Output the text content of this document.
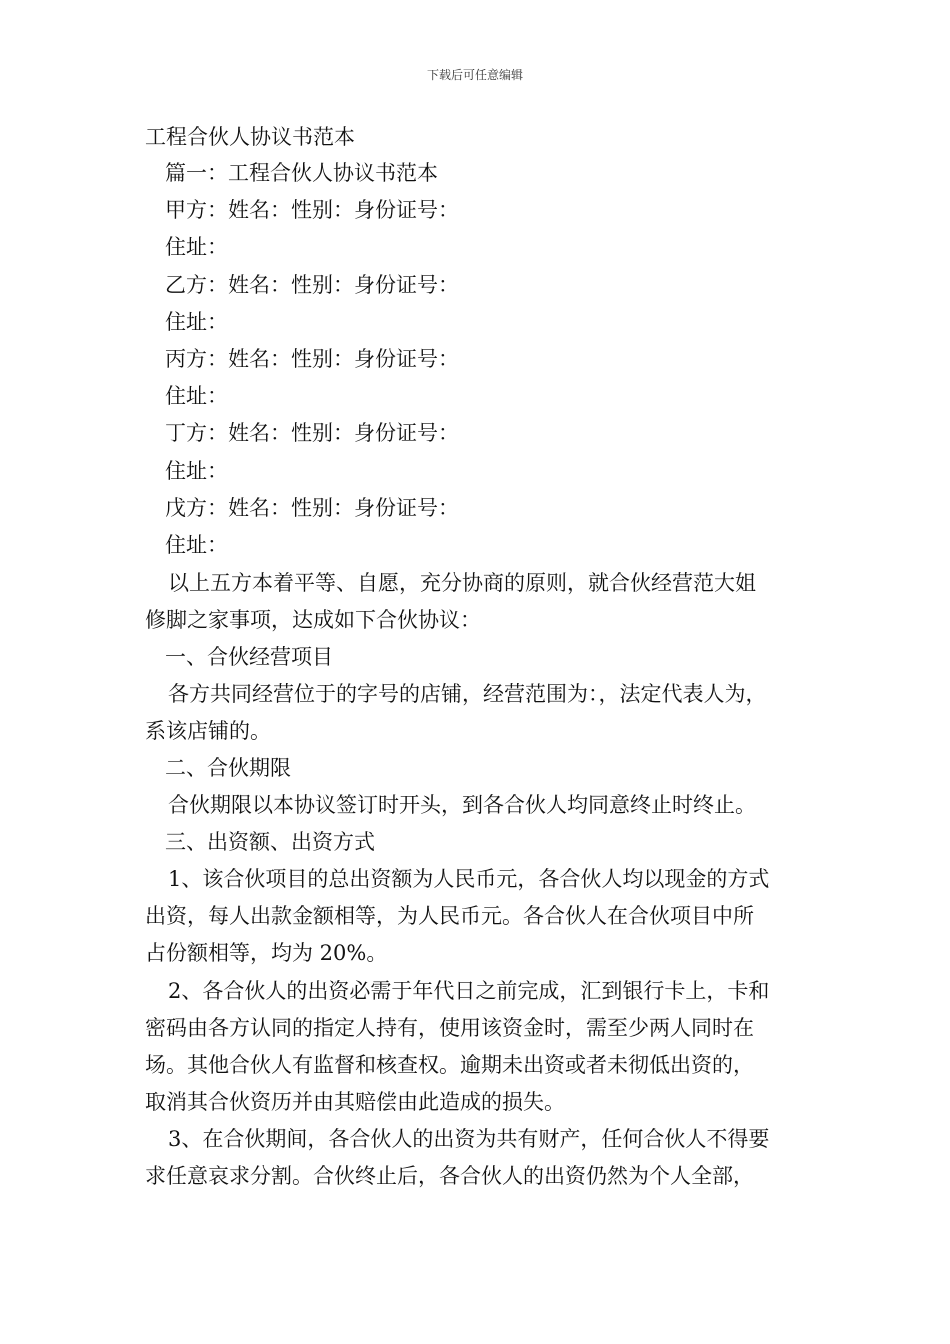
下载后可任意编辑
工程合伙人协议书范本
篇一：工程合伙人协议书范本
甲方：姓名：性别：身份证号：
住址：
乙方：姓名：性别：身份证号：
住址：
丙方：姓名：性别：身份证号：
住址：
丁方：姓名：性别：身份证号：
住址：
戊方：姓名：性别：身份证号：
住址：
以上五方本着平等、自愿，充分协商的原则，就合伙经营范大姐
修脚之家事项，达成如下合伙协议：
一、合伙经营项目
各方共同经营位于的字号的店铺，经营范围为：，法定代表人为，
系该店铺的。
二、合伙期限
合伙期限以本协议签订时开头，到各合伙人均同意终止时终止。
三、出资额、出资方式
1、该合伙项目的总出资额为人民币元，各合伙人均以现金的方式
出资，每人出款金额相等，为人民币元。各合伙人在合伙项目中所
占份额相等，均为 20%。
2、各合伙人的出资必需于年代日之前完成，汇到银行卡上，卡和
密码由各方认同的指定人持有，使用该资金时，需至少两人同时在
场。其他合伙人有监督和核查权。逾期未出资或者未彻低出资的，
取消其合伙资历并由其赔偿由此造成的损失。
3、在合伙期间，各合伙人的出资为共有财产，任何合伙人不得要
求任意哀求分割。合伙终止后，各合伙人的出资仍然为个人全部，
